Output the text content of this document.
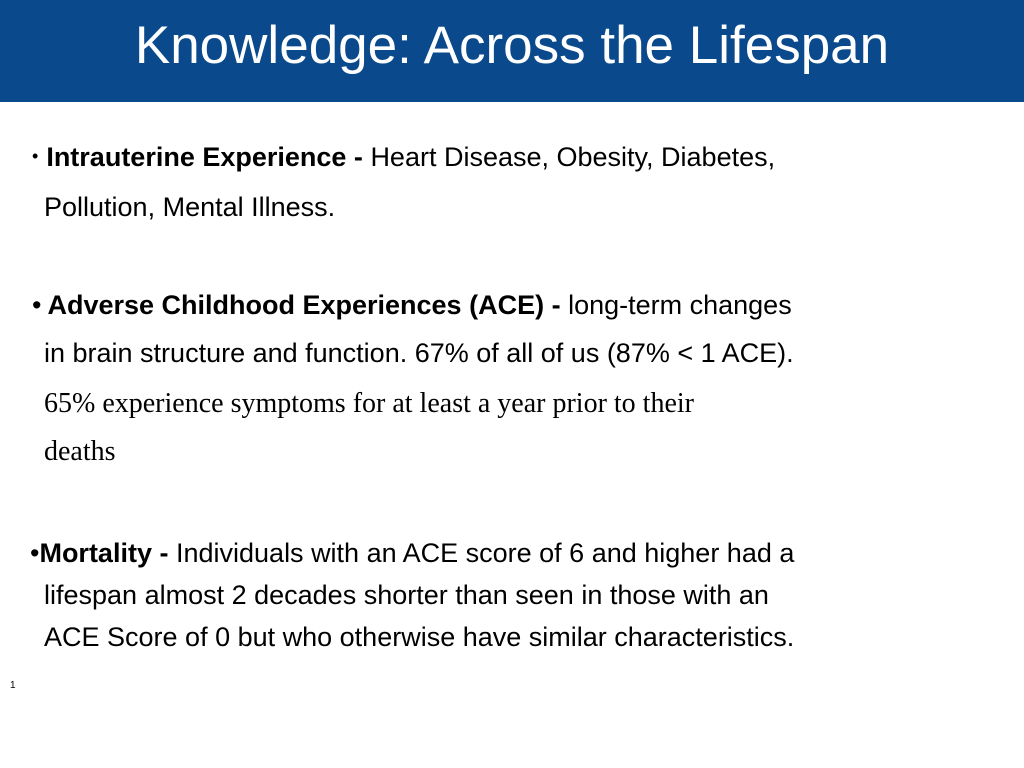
Knowledge: Across the Lifespan
• Intrauterine Experience - Heart Disease, Obesity, Diabetes,
Pollution, Mental Illness.
• Adverse Childhood Experiences (ACE) - long-term changes
in brain structure and function. 67% of all of us (87% < 1 ACE).
65% experience symptoms for at least a year prior to their
deaths
•Mortality - Individuals with an ACE score of 6 and higher had a
lifespan almost 2 decades shorter than seen in those with an
ACE Score of 0 but who otherwise have similar characteristics.
1
